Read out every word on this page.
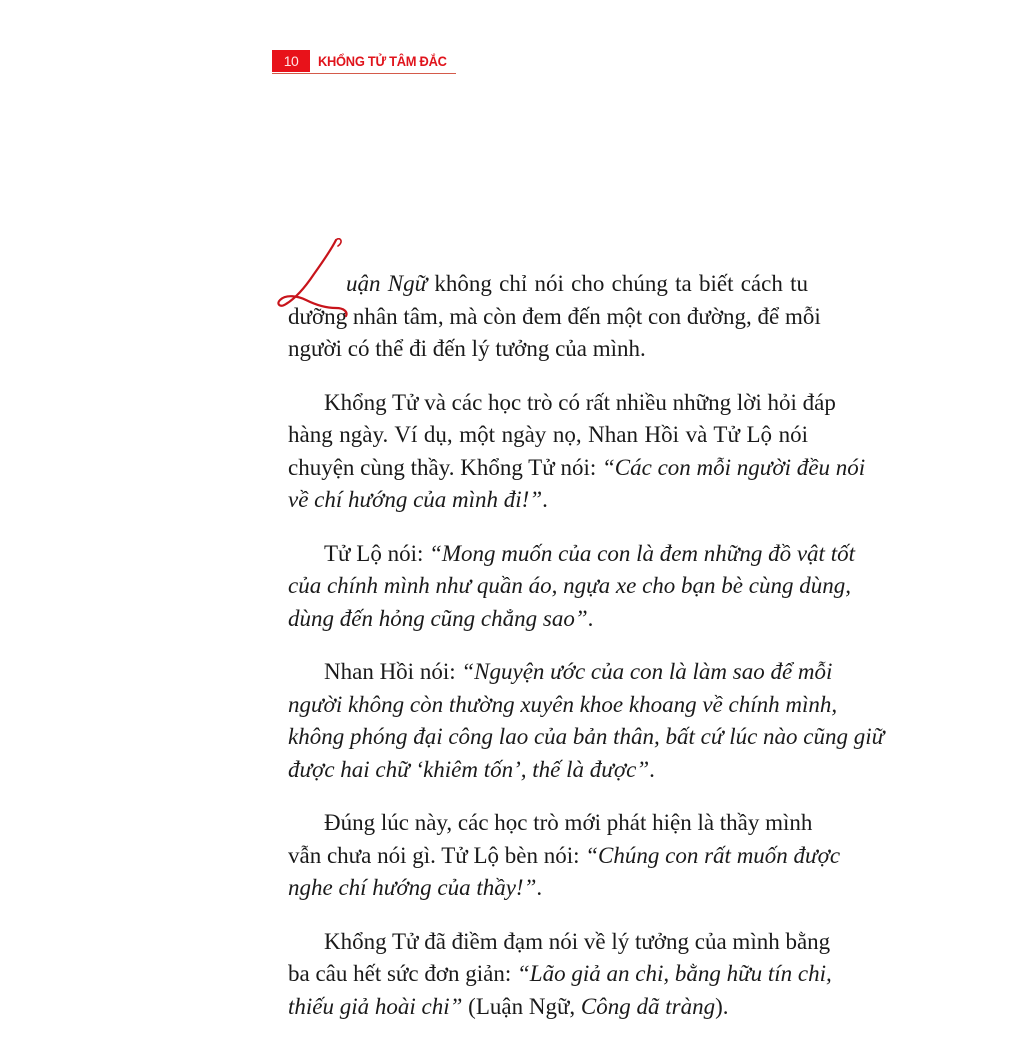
10	KHỔNG TỬ TÂM ĐẮC
uận Ngữ không chỉ nói cho chúng ta biết cách tu
dưỡng nhân tâm, mà còn đem đến một con đường, để mỗi
người có thể đi đến lý tưởng của mình.
Khổng Tử và các học trò có rất nhiều những lời hỏi đáp
hàng ngày. Ví dụ, một ngày nọ, Nhan Hồi và Tử Lộ nói
chuyện cùng thầy. Khổng Tử nói: “Các con mỗi người đều nói
về chí hướng của mình đi!”.
Tử Lộ nói: “Mong muốn của con là đem những đồ vật tốt
của chính mình như quần áo, ngựa xe cho bạn bè cùng dùng,
dùng đến hỏng cũng chẳng sao”.
Nhan Hồi nói: “Nguyện ước của con là làm sao để mỗi
người không còn thường xuyên khoe khoang về chính mình,
không phóng đại công lao của bản thân, bất cứ lúc nào cũng giữ
được hai chữ ‘khiêm tốn’, thế là được”.
Đúng lúc này, các học trò mới phát hiện là thầy mình
vẫn chưa nói gì. Tử Lộ bèn nói: “Chúng con rất muốn được
nghe chí hướng của thầy!”.
Khổng Tử đã điềm đạm nói về lý tưởng của mình bằng
ba câu hết sức đơn giản: “Lão giả an chi, bằng hữu tín chi,
thiếu giả hoài chi” (Luận Ngữ, Công dã tràng).
